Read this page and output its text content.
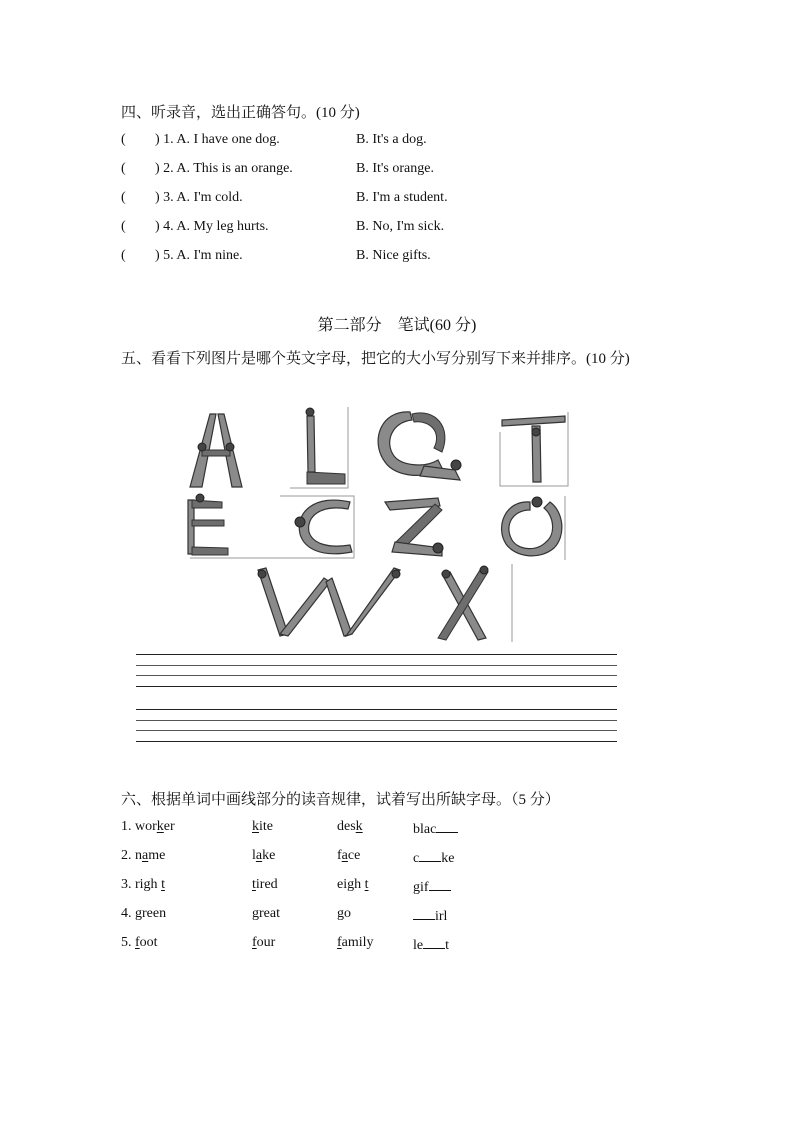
四、听录音，选出正确答句。(10 分)
( ) 1. A. I have one dog.	B. It's a dog.
( ) 2. A. This is an orange.	B. It's orange.
( ) 3. A. I'm cold.	B. I'm a student.
( ) 4. A. My leg hurts.	B. No, I'm sick.
( ) 5. A. I'm nine.	B. Nice gifts.
第二部分　笔试(60 分)
五、看看下列图片是哪个英文字母，把它的大小写分别写下来并排序。(10 分)
六、根据单词中画线部分的读音规律，试着写出所缺字母。（5 分）
1. worker	kite	desk	blac
2. name	lake	face	c ke
3. righ t	tired	eigh t	gif
4. green	great	go	irl
5. foot	four	family	le t
